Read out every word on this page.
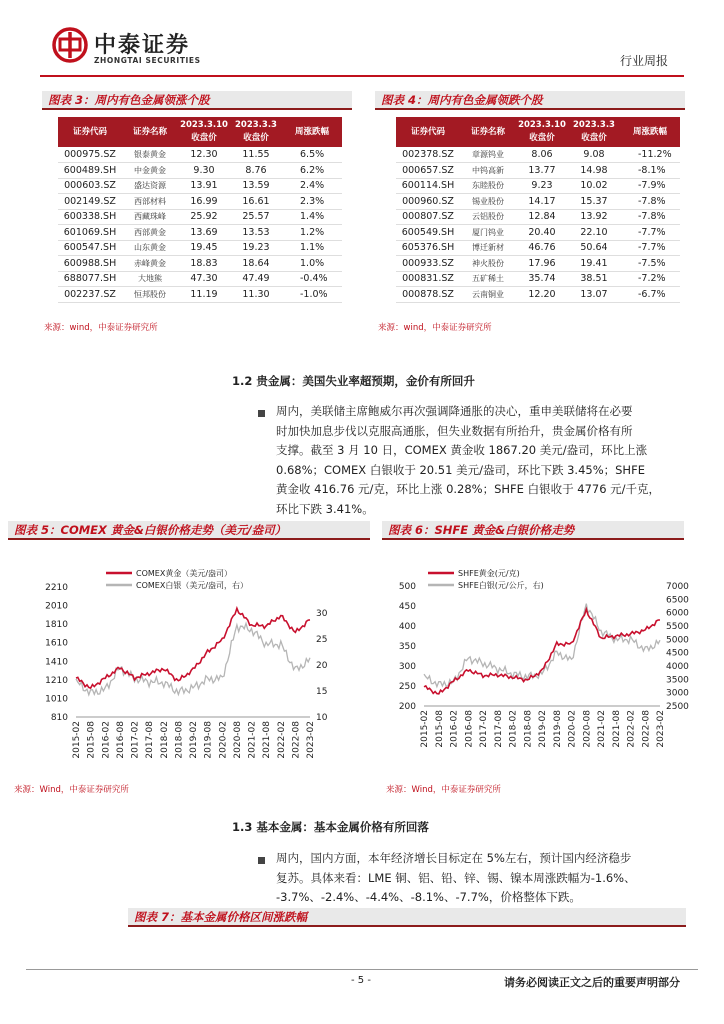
中泰证券
ZHONGTAI SECURITIES	行业周报
图表 3：周内有色金属领涨个股
证券代码	证券名称	2023.3.10收盘价	2023.3.3收盘价	周涨跌幅
000975.SZ	银泰黄金	12.30	11.55	6.5%
600489.SH	中金黄金	9.30	8.76	6.2%
000603.SZ	盛达资源	13.91	13.59	2.4%
002149.SZ	西部材料	16.99	16.61	2.3%
600338.SH	西藏珠峰	25.92	25.57	1.4%
601069.SH	西部黄金	13.69	13.53	1.2%
600547.SH	山东黄金	19.45	19.23	1.1%
600988.SH	赤峰黄金	18.83	18.64	1.0%
688077.SH	大地熊	47.30	47.49	-0.4%
002237.SZ	恒邦股份	11.19	11.30	-1.0%
来源：wind，中泰证券研究所
图表 4：周内有色金属领跌个股
证券代码	证券名称	2023.3.10收盘价	2023.3.3收盘价	周涨跌幅
002378.SZ	章源钨业	8.06	9.08	-11.2%
000657.SZ	中钨高新	13.77	14.98	-8.1%
600114.SH	东睦股份	9.23	10.02	-7.9%
000960.SZ	锡业股份	14.17	15.37	-7.8%
000807.SZ	云铝股份	12.84	13.92	-7.8%
600549.SH	厦门钨业	20.40	22.10	-7.7%
605376.SH	博迁新材	46.76	50.64	-7.7%
000933.SZ	神火股份	17.96	19.41	-7.5%
000831.SZ	五矿稀土	35.74	38.51	-7.2%
000878.SZ	云南铜业	12.20	13.07	-6.7%
来源：wind，中泰证券研究所
1.2 贵金属：美国失业率超预期，金价有所回升
周内，美联储主席鲍威尔再次强调降通胀的决心，重申美联储将在必要
时加快加息步伐以克服高通胀，但失业数据有所抬升，贵金属价格有所
支撑。截至 3 月 10 日，COMEX 黄金收 1867.20 美元/盎司，环比上涨
0.68%；COMEX 白银收于 20.51 美元/盎司，环比下跌 3.45%；SHFE
黄金收 416.76 元/克，环比上涨 0.28%；SHFE 白银收于 4776 元/千克，
环比下跌 3.41%。
图表 5：COMEX 黄金&白银价格走势（美元/盎司）
810
1010
1210
1410
1610
1810
2010
2210
10
15
20
25
30
2015-02 2015-08 2016-02 2016-08 2017-02 2017-08 2018-02 2018-08 2019-02 2019-08 2020-02 2020-08 2021-02 2021-08 2022-02 2022-08 2023-02
COMEX黄金（美元/盎司）
COMEX白银（美元/盎司，右）
来源：Wind，中泰证券研究所
图表 6：SHFE 黄金&白银价格走势
200
250
300
350
400
450
500
2500
3000
3500
4000
4500
5000
5500
6000
6500
7000
2015-02 2015-08 2016-02 2016-08 2017-02 2017-08 2018-02 2018-08 2019-02 2019-08 2020-02 2020-08 2021-02 2021-08 2022-02 2022-08 2023-02
SHFE黄金(元/克)
SHFE白银(元/公斤，右)
来源：Wind，中泰证券研究所
1.3 基本金属：基本金属价格有所回落
周内，国内方面，本年经济增长目标定在 5%左右，预计国内经济稳步
复苏。具体来看：LME 铜、铝、铅、锌、锡、镍本周涨跌幅为-1.6%、
-3.7%、-2.4%、-4.4%、-8.1%、-7.7%，价格整体下跌。
图表 7：基本金属价格区间涨跌幅
- 5 -	请务必阅读正文之后的重要声明部分
